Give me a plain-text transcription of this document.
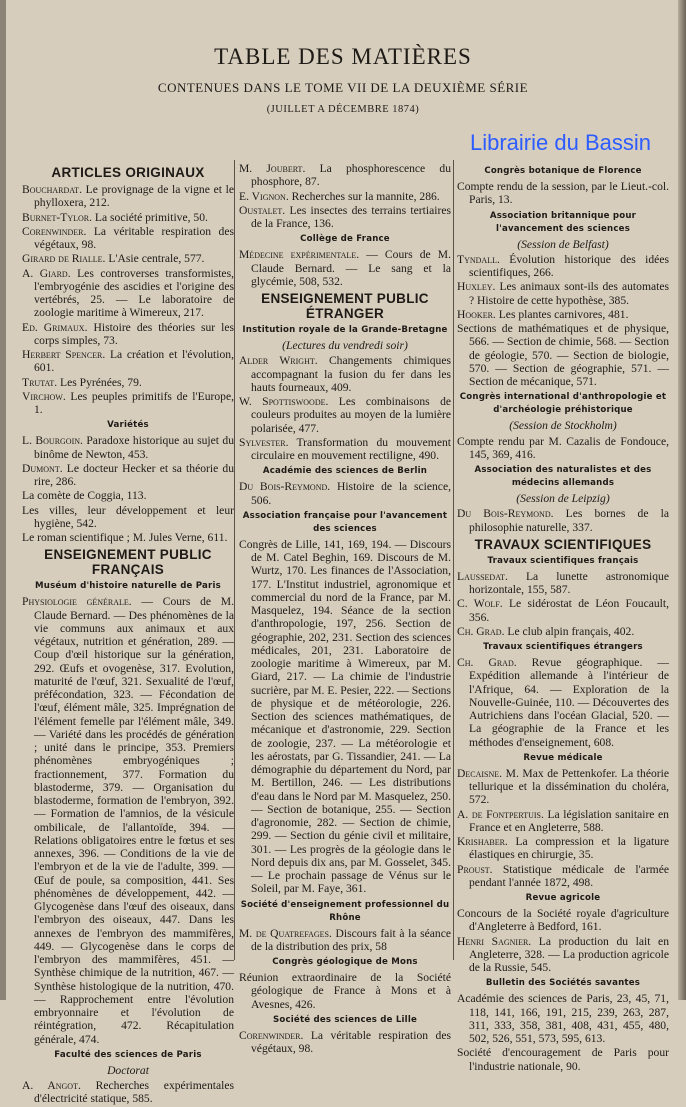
TABLE DES MATIÈRES
CONTENUES DANS LE TOME VII DE LA DEUXIÈME SÉRIE
(JUILLET A DÉCEMBRE 1874)
ARTICLES ORIGINAUX
Bouchardat. Le provignage de la vigne et le phylloxera, 212.
Burnet-Tylor. La société primitive, 50.
Corenwinder. La véritable respiration des végétaux, 98.
Girard de Rialle. L'Asie centrale, 577.
A. Giard. Les controverses transformistes, l'embryogénie des ascidies et l'origine des vertébrés, 25. — Le laboratoire de zoologie maritime à Wimereux, 217.
Ed. Grimaux. Histoire des théories sur les corps simples, 73.
Herbert Spencer. La création et l'évolution, 601.
Trutat. Les Pyrénées, 79.
Virchow. Les peuples primitifs de l'Europe, 1.
Variétés
L. Bourgoin. Paradoxe historique au sujet du binôme de Newton, 453.
Dumont. Le docteur Hecker et sa théorie du rire, 286.
La comète de Coggia, 113.
Les villes, leur développement et leur hygiène, 542.
Le roman scientifique ; M. Jules Verne, 611.
ENSEIGNEMENT PUBLIC FRANÇAIS
Muséum d'histoire naturelle de Paris
Physiologie générale. — Cours de M. Claude Bernard. — Des phénomènes de la vie communs aux animaux et aux végétaux, nutrition et génération, 289. — Coup d'œil historique sur la génération, 292. Œufs et ovogenèse, 317. Evolution, maturité de l'œuf, 321. Sexualité de l'œuf, préfécondation, 323. — Fécondation de l'œuf, élément mâle, 325. Imprégnation de l'élément femelle par l'élément mâle, 349. — Variété dans les procédés de génération ; unité dans le principe, 353. Premiers phénomènes embryogéniques ; fractionnement, 377. Formation du blastoderme, 379. — Organisation du blastoderme, formation de l'embryon, 392. — Formation de l'amnios, de la vésicule ombilicale, de l'allantoïde, 394. — Relations obligatoires entre le fœtus et ses annexes, 396. — Conditions de la vie de l'embryon et de la vie de l'adulte, 399. — Œuf de poule, sa composition, 441. Ses phénomènes de développement, 442. — Glycogenèse dans l'œuf des oiseaux, dans l'embryon des oiseaux, 447. Dans les annexes de l'embryon des mammifères, 449. — Glycogenèse dans le corps de l'embryon des mammifères, 451. — Synthèse chimique de la nutrition, 467. — Synthèse histologique de la nutrition, 470. — Rapprochement entre l'évolution embryonnaire et l'évolution de réintégration, 472. Récapitulation générale, 474.
Faculté des sciences de Paris
Doctorat
A. Angot. Recherches expérimentales d'électricité statique, 585.
M. Joubert. La phosphorescence du phosphore, 87.
E. Vignon. Recherches sur la mannite, 286.
Oustalet. Les insectes des terrains tertiaires de la France, 136.
Collège de France
Médecine expérimentale. — Cours de M. Claude Bernard. — Le sang et la glycémie, 508, 532.
ENSEIGNEMENT PUBLIC ÉTRANGER
Institution royale de la Grande-Bretagne
(Lectures du vendredi soir)
Alder Wright. Changements chimiques accompagnant la fusion du fer dans les hauts fourneaux, 409.
W. Spottiswoode. Les combinaisons de couleurs produites au moyen de la lumière polarisée, 477.
Sylvester. Transformation du mouvement circulaire en mouvement rectiligne, 490.
Académie des sciences de Berlin
Du Bois-Reymond. Histoire de la science, 506.
Association française pour l'avancement des sciences
Congrès de Lille, 141, 169, 194. — Discours de M. Catel Beghin, 169. Discours de M. Wurtz, 170. Les finances de l'Association, 177. L'Institut industriel, agronomique et commercial du nord de la France, par M. Masquelez, 194. Séance de la section d'anthropologie, 197, 256. Section de géographie, 202, 231. Section des sciences médicales, 201, 231. Laboratoire de zoologie maritime à Wimereux, par M. Giard, 217. — La chimie de l'industrie sucrière, par M. E. Pesier, 222. — Sections de physique et de météorologie, 226. Section des sciences mathématiques, de mécanique et d'astronomie, 229. Section de zoologie, 237. — La météorologie et les aérostats, par G. Tissandier, 241. — La démographie du département du Nord, par M. Bertillon, 246. — Les distributions d'eau dans le Nord par M. Masquelez, 250. — Section de botanique, 255. — Section d'agronomie, 282. — Section de chimie, 299. — Section du génie civil et militaire, 301. — Les progrès de la géologie dans le Nord depuis dix ans, par M. Gosselet, 345. — Le prochain passage de Vénus sur le Soleil, par M. Faye, 361.
Société d'enseignement professionnel du Rhône
M. de Quatrefages. Discours fait à la séance de la distribution des prix, 58
Congrès géologique de Mons
Réunion extraordinaire de la Société géologique de France à Mons et à Avesnes, 426.
Société des sciences de Lille
Corenwinder. La véritable respiration des végétaux, 98.
Congrès botanique de Florence
Compte rendu de la session, par le Lieut.-col. Paris, 13.
Association britannique pour l'avancement des sciences
(Session de Belfast)
Tyndall. Évolution historique des idées scientifiques, 266.
Huxley. Les animaux sont-ils des automates ? Histoire de cette hypothèse, 385.
Hooker. Les plantes carnivores, 481.
Sections de mathématiques et de physique, 566. — Section de chimie, 568. — Section de géologie, 570. — Section de biologie, 570. — Section de géographie, 571. — Section de mécanique, 571.
Congrès international d'anthropologie et d'archéologie préhistorique
(Session de Stockholm)
Compte rendu par M. Cazalis de Fondouce, 145, 369, 416.
Association des naturalistes et des médecins allemands
(Session de Leipzig)
Du Bois-Reymond. Les bornes de la philosophie naturelle, 337.
TRAVAUX SCIENTIFIQUES
Travaux scientifiques français
Laussedat. La lunette astronomique horizontale, 155, 587.
C. Wolf. Le sidérostat de Léon Foucault, 356.
Ch. Grad. Le club alpin français, 402.
Travaux scientifiques étrangers
Ch. Grad. Revue géographique. — Expédition allemande à l'intérieur de l'Afrique, 64. — Exploration de la Nouvelle-Guinée, 110. — Découvertes des Autrichiens dans l'océan Glacial, 520. — La géographie de la France et les méthodes d'enseignement, 608.
Revue médicale
Decaisne. M. Max de Pettenkofer. La théorie tellurique et la dissémination du choléra, 572.
A. de Fontpertuis. La législation sanitaire en France et en Angleterre, 588.
Krishaber. La compression et la ligature élastiques en chirurgie, 35.
Proust. Statistique médicale de l'armée pendant l'année 1872, 498.
Revue agricole
Concours de la Société royale d'agriculture d'Angleterre à Bedford, 161.
Henri Sagnier. La production du lait en Angleterre, 328. — La production agricole de la Russie, 545.
Bulletin des Sociétés savantes
Académie des sciences de Paris, 23, 45, 71, 118, 141, 166, 191, 215, 239, 263, 287, 311, 333, 358, 381, 408, 431, 455, 480, 502, 526, 551, 573, 595, 613.
Société d'encouragement de Paris pour l'industrie nationale, 90.
Librairie du Bassin
